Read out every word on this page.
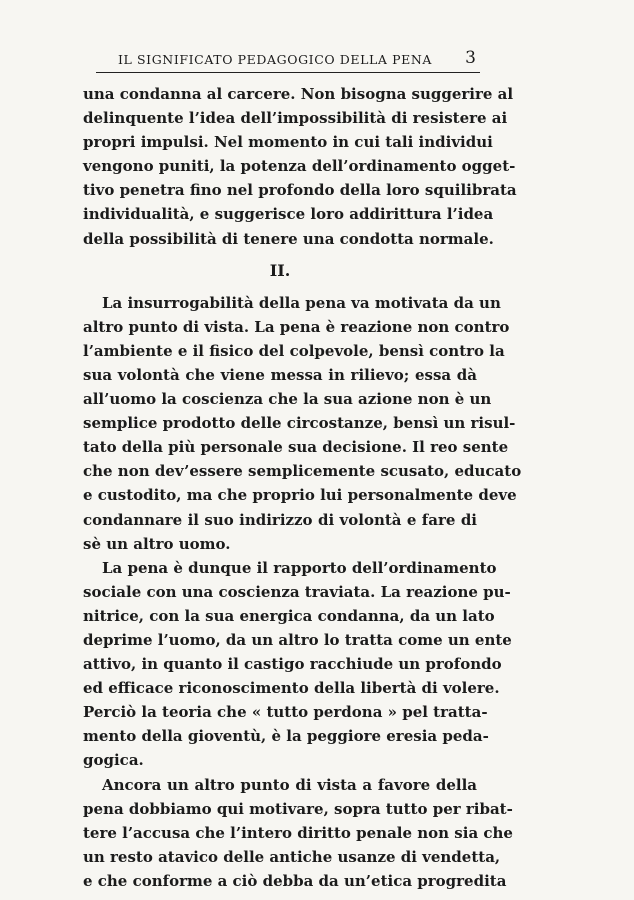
IL SIGNIFICATO PEDAGOGICO DELLA PENA 3
una condanna al carcere. Non bisogna suggerire al
delinquente l’idea dell’impossibilità di resistere ai
propri impulsi. Nel momento in cui tali individui
vengono puniti, la potenza dell’ordinamento ogget-
tivo penetra fino nel profondo della loro squilibrata
individualità, e suggerisce loro addirittura l’idea
della possibilità di tenere una condotta normale.
II.
La insurrogabilità della pena va motivata da un
altro punto di vista. La pena è reazione non contro
l’ambiente e il fisico del colpevole, bensì contro la
sua volontà che viene messa in rilievo; essa dà
all’uomo la coscienza che la sua azione non è un
semplice prodotto delle circostanze, bensì un risul-
tato della più personale sua decisione. Il reo sente
che non dev’essere semplicemente scusato, educato
e custodito, ma che proprio lui personalmente deve
condannare il suo indirizzo di volontà e fare di
sè un altro uomo.
La pena è dunque il rapporto dell’ordinamento
sociale con una coscienza traviata. La reazione pu-
nitrice, con la sua energica condanna, da un lato
deprime l’uomo, da un altro lo tratta come un ente
attivo, in quanto il castigo racchiude un profondo
ed efficace riconoscimento della libertà di volere.
Perciò la teoria che « tutto perdona » pel tratta-
mento della gioventù, è la peggiore eresia peda-
gogica.
Ancora un altro punto di vista a favore della
pena dobbiamo qui motivare, sopra tutto per ribat-
tere l’accusa che l’intero diritto penale non sia che
un resto atavico delle antiche usanze di vendetta,
e che conforme a ciò debba da un’etica progredita
